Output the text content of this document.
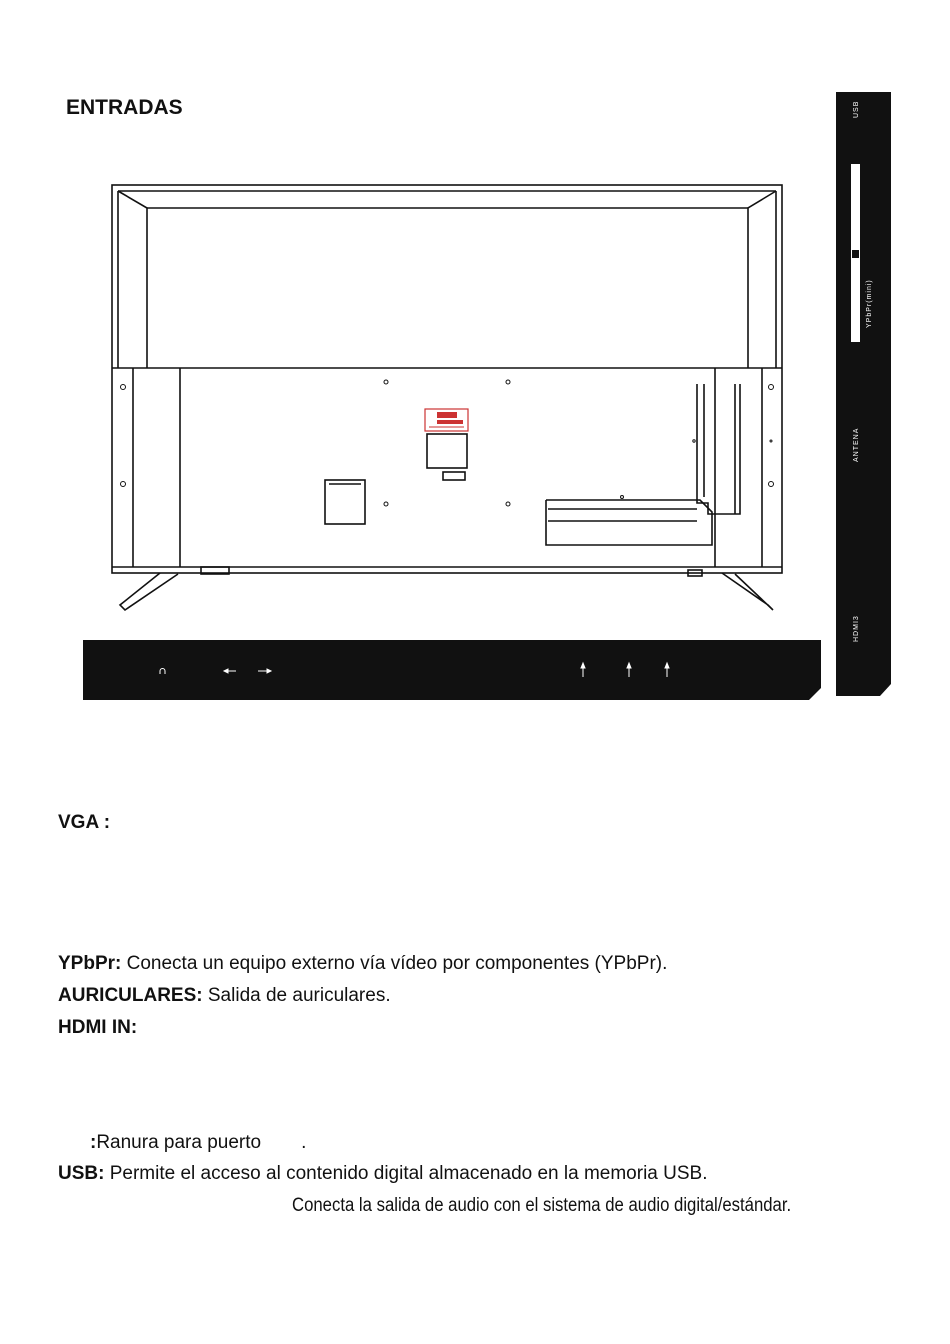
ENTRADAS	USB
YPbPr(mini)
ANTENA
HDMI3
VGA :
YPbPr: Conecta un equipo externo vía vídeo por componentes (YPbPr).
AURICULARES: Salida de auriculares.
HDMI IN:
:Ranura para puerto .
USB: Permite el acceso al contenido digital almacenado en la memoria USB.
Conecta la salida de audio con el sistema de audio digital/estándar.
